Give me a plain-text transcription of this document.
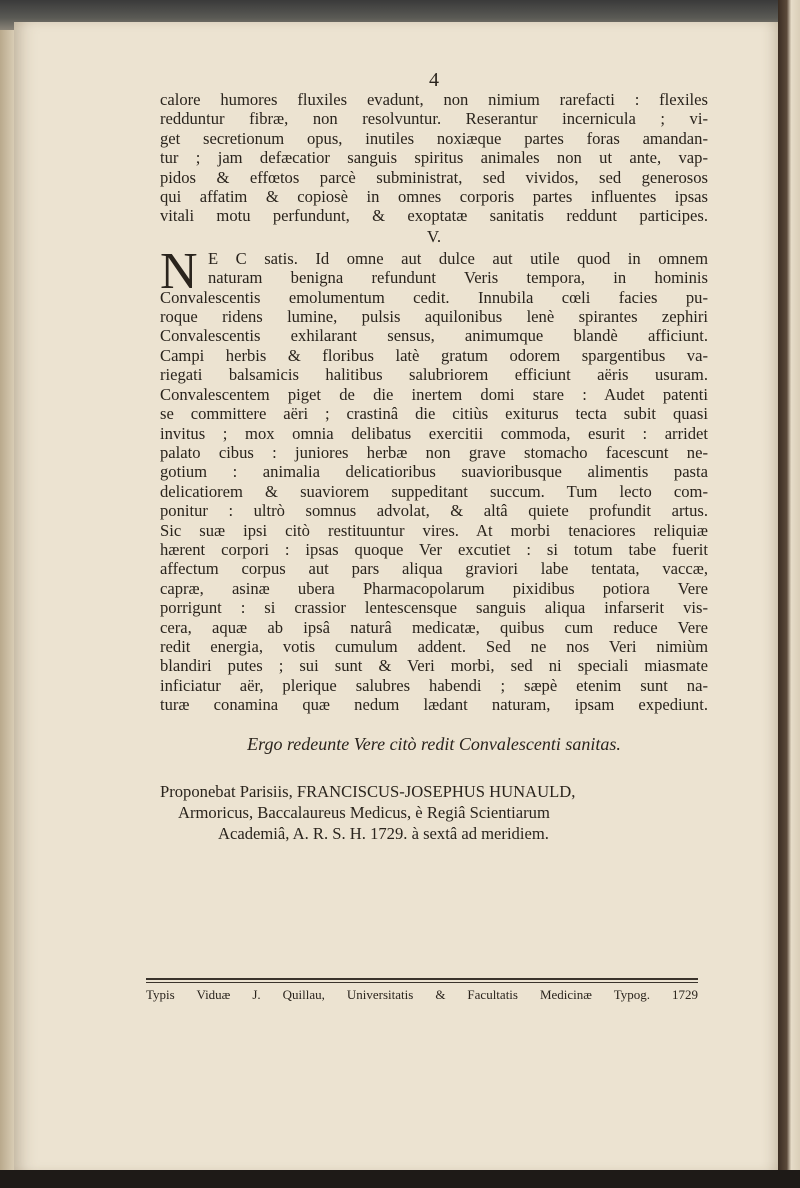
4
calore humores fluxiles evadunt, non nimium rarefacti : flexiles
redduntur fibræ, non resolvuntur. Reserantur incernicula ; vi-
get secretionum opus, inutiles noxiæque partes foras amandan-
tur ; jam defæcatior sanguis spiritus animales non ut ante, vap-
pidos & effœtos parcè subministrat, sed vividos, sed generosos
qui affatim & copiosè in omnes corporis partes influentes ipsas
vitali motu perfundunt, & exoptatæ sanitatis reddunt participes.
V.
N E C satis. Id omne aut dulce aut utile quod in omnem
naturam benigna refundunt Veris tempora, in hominis
Convalescentis emolumentum cedit. Innubila cœli facies pu-
roque ridens lumine, pulsis aquilonibus lenè spirantes zephiri
Convalescentis exhilarant sensus, animumque blandè afficiunt.
Campi herbis & floribus latè gratum odorem spargentibus va-
riegati balsamicis halitibus salubriorem efficiunt aëris usuram.
Convalescentem piget de die inertem domi stare : Audet patenti
se committere aëri ; crastinâ die citiùs exiturus tecta subit quasi
invitus ; mox omnia delibatus exercitii commoda, esurit : arridet
palato cibus : juniores herbæ non grave stomacho facescunt ne-
gotium : animalia delicatioribus suavioribusque alimentis pasta
delicatiorem & suaviorem suppeditant succum. Tum lecto com-
ponitur : ultrò somnus advolat, & altâ quiete profundit artus.
Sic suæ ipsi citò restituuntur vires. At morbi tenaciores reliquiæ
hærent corpori : ipsas quoque Ver excutiet : si totum tabe fuerit
affectum corpus aut pars aliqua graviori labe tentata, vaccæ,
capræ, asinæ ubera Pharmacopolarum pixidibus potiora Vere
porrigunt : si crassior lentescensque sanguis aliqua infarserit vis-
cera, aquæ ab ipsâ naturâ medicatæ, quibus cum reduce Vere
redit energia, votis cumulum addent. Sed ne nos Veri nimiùm
blandiri putes ; sui sunt & Veri morbi, sed ni speciali miasmate
inficiatur aër, plerique salubres habendi ; sæpè etenim sunt na-
turæ conamina quæ nedum lædant naturam, ipsam expediunt.
Ergo redeunte Vere citò redit Convalescenti sanitas.
Proponebat Parisiis, FRANCISCUS-JOSEPHUS HUNAULD,
Armoricus, Baccalaureus Medicus, è Regiâ Scientiarum
Academiâ, A. R. S. H. 1729. à sextâ ad meridiem.
Typis Viduæ J. Quillau, Universitatis & Facultatis Medicinæ Typog. 1729
